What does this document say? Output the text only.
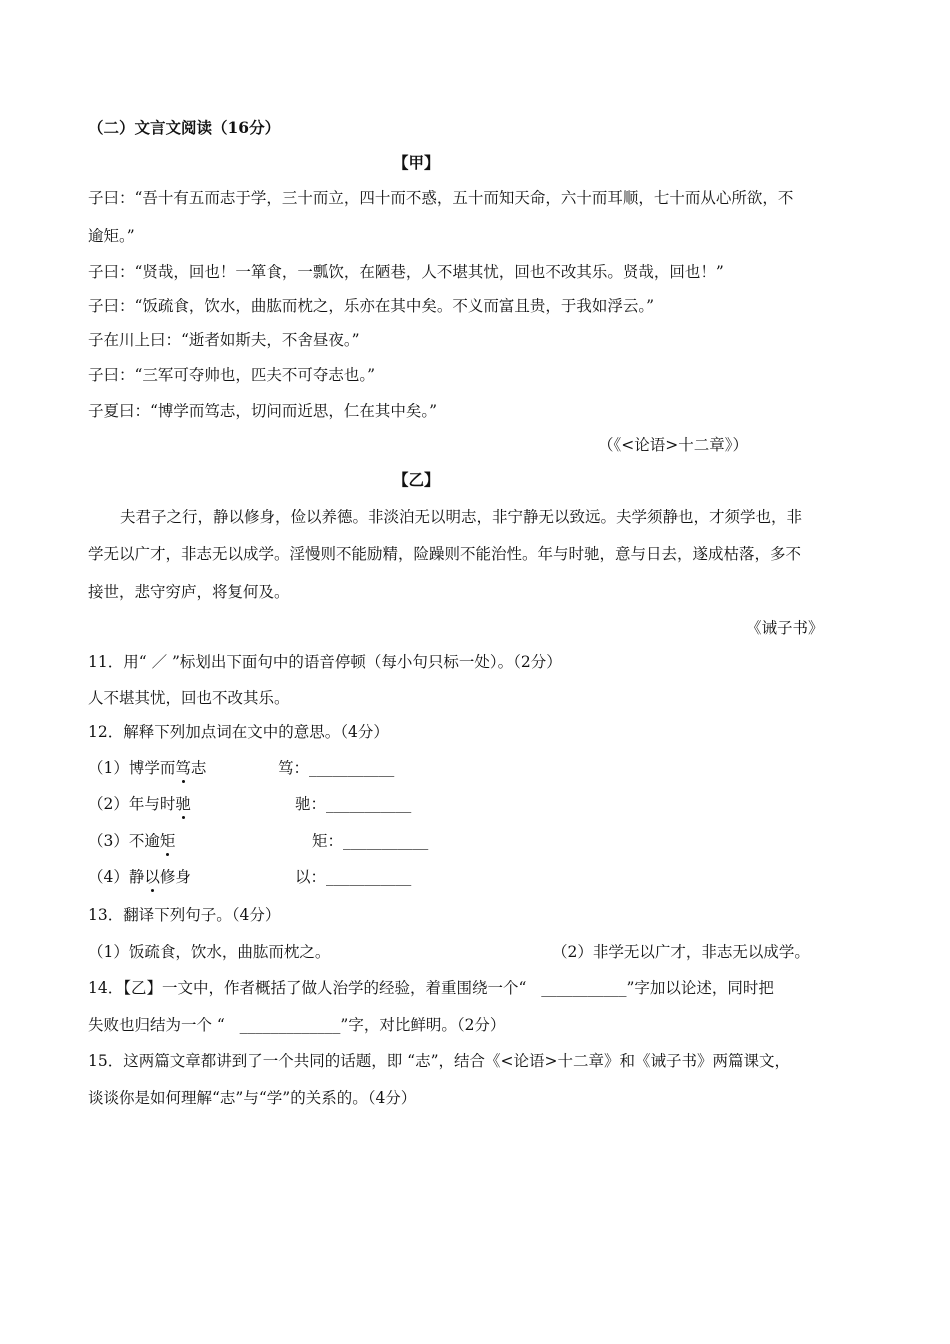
（二）文言文阅读（16分）
【甲】
子曰：“吾十有五而志于学，三十而立，四十而不惑，五十而知天命，六十而耳顺，七十而从心所欲，不
逾矩。”
子曰：“贤哉，回也！一箪食，一瓢饮，在陋巷，人不堪其忧，回也不改其乐。贤哉，回也！”
子曰：“饭疏食，饮水，曲肱而枕之，乐亦在其中矣。不义而富且贵，于我如浮云。”
子在川上曰：“逝者如斯夫，不舍昼夜。”
子曰：“三军可夺帅也，匹夫不可夺志也。”
子夏曰：“博学而笃志，切问而近思，仁在其中矣。”
（《<论语>十二章》）
【乙】
夫君子之行，静以修身，俭以养德。非淡泊无以明志，非宁静无以致远。夫学须静也，才须学也，非
学无以广才，非志无以成学。淫慢则不能励精，险躁则不能治性。年与时驰，意与日去，遂成枯落，多不
接世，悲守穷庐，将复何及。
《诫子书》
11．用“ ／ ”标划出下面句中的语音停顿（每小句只标一处）。（2分）
人不堪其忧，回也不改其乐。
12．解释下列加点词在文中的意思。（4分）
（1）博学而笃志	笃：___________
（2）年与时驰	驰：___________
（3）不逾矩	矩：___________
（4）静以修身	以：___________
13．翻译下列句子。（4分）
（1）饭疏食，饮水，曲肱而枕之。	（2）非学无以广才，非志无以成学。
14．【乙】一文中，作者概括了做人治学的经验，着重围绕一个“ ___________”字加以论述，同时把
失败也归结为一个 “ _____________”字，对比鲜明。（2分）
15．这两篇文章都讲到了一个共同的话题，即 “志”，结合《<论语>十二章》和《诫子书》两篇课文，
谈谈你是如何理解“志”与“学”的关系的。（4分）
